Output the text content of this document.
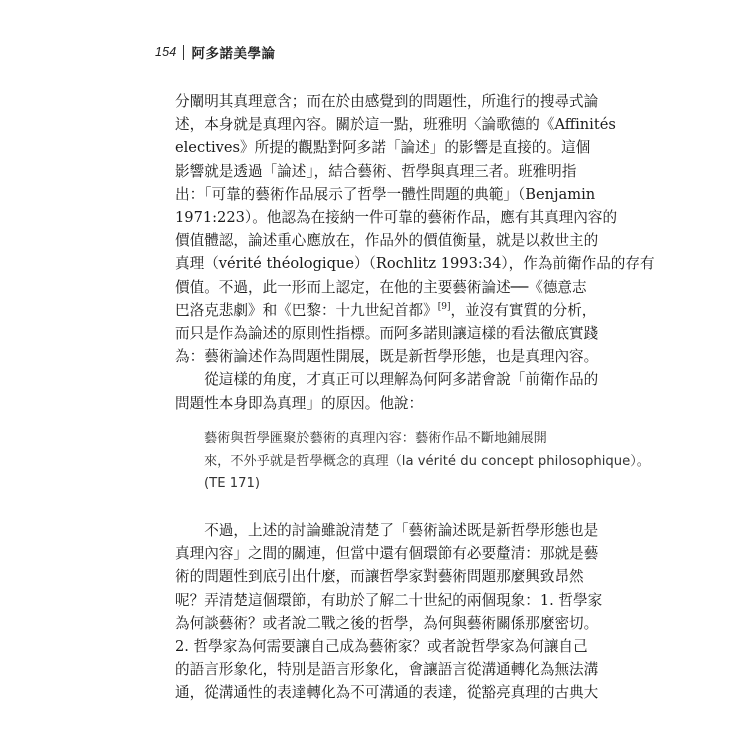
154 阿多諾美學論
分闡明其真理意含；而在於由感覺到的問題性，所進行的搜尋式論
述，本身就是真理內容。關於這一點，班雅明〈論歌德的《Affinités
electives》所提的觀點對阿多諾「論述」的影響是直接的。這個
影響就是透過「論述」，結合藝術、哲學與真理三者。班雅明指
出：「可靠的藝術作品展示了哲學一體性問題的典範」（Benjamin
1971:223）。他認為在接納一件可靠的藝術作品，應有其真理內容的
價值體認，論述重心應放在，作品外的價值衡量，就是以救世主的
真理（vérité théologique）（Rochlitz 1993:34），作為前衛作品的存有
價值。不過，此一形而上認定，在他的主要藝術論述──《德意志
巴洛克悲劇》和《巴黎：十九世紀首都》[9]，並沒有實質的分析，
而只是作為論述的原則性指標。而阿多諾則讓這樣的看法徹底實踐
為：藝術論述作為問題性開展，既是新哲學形態，也是真理內容。
從這樣的角度，才真正可以理解為何阿多諾會說「前衛作品的
問題性本身即為真理」的原因。他說：
藝術與哲學匯聚於藝術的真理內容：藝術作品不斷地鋪展開
來，不外乎就是哲學概念的真理（la vérité du concept philosophique）。
(TE 171)
不過，上述的討論雖說清楚了「藝術論述既是新哲學形態也是
真理內容」之間的關連，但當中還有個環節有必要釐清：那就是藝
術的問題性到底引出什麼，而讓哲學家對藝術問題那麼興致昂然
呢？弄清楚這個環節，有助於了解二十世紀的兩個現象：1. 哲學家
為何談藝術？或者說二戰之後的哲學，為何與藝術關係那麼密切。
2. 哲學家為何需要讓自己成為藝術家？或者說哲學家為何讓自己
的語言形象化，特別是語言形象化，會讓語言從溝通轉化為無法溝
通，從溝通性的表達轉化為不可溝通的表達，從豁亮真理的古典大
